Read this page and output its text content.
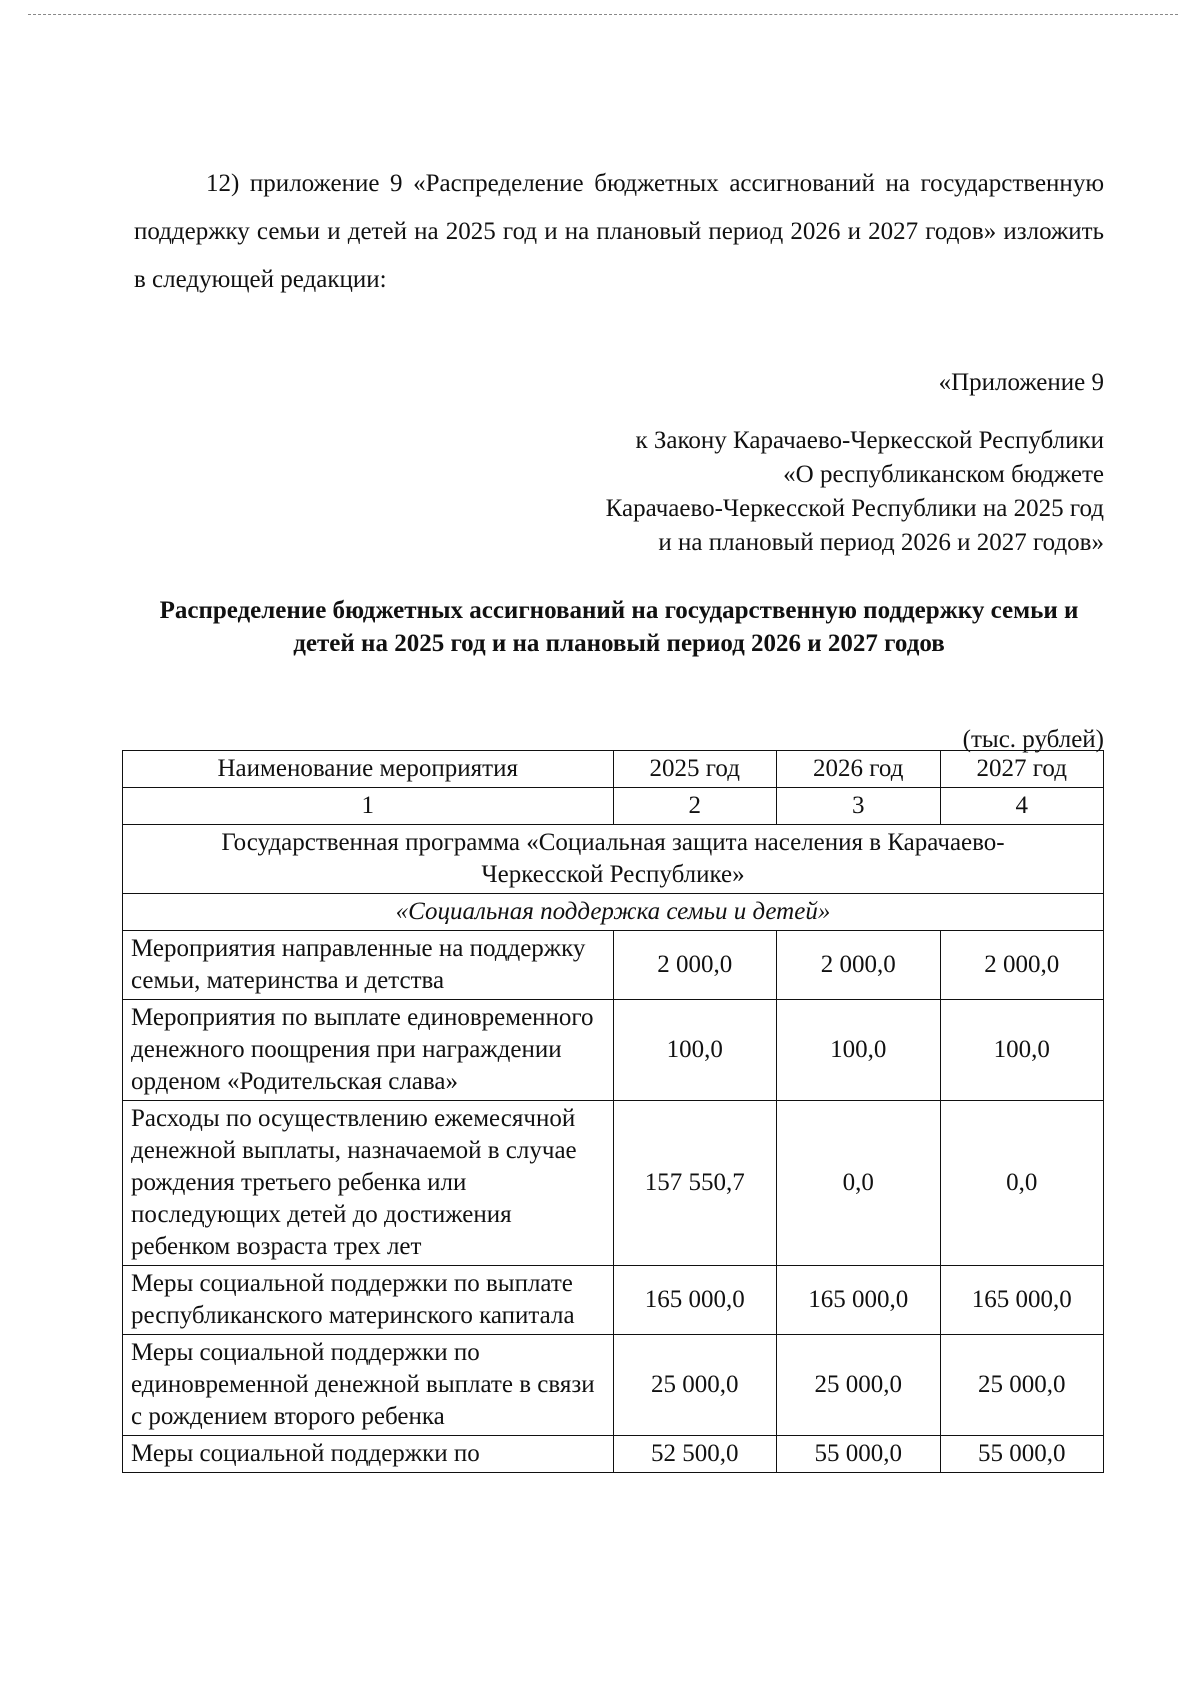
12) приложение 9 «Распределение бюджетных ассигнований на государственную поддержку семьи и детей на 2025 год и на плановый период 2026 и 2027 годов» изложить в следующей редакции:

«Приложение 9
к Закону Карачаево-Черкесской Республики
«О республиканском бюджете
Карачаево-Черкесской Республики на 2025 год
и на плановый период 2026 и 2027 годов»
Распределение бюджетных ассигнований на государственную поддержку семьи и детей на 2025 год и на плановый период 2026 и 2027 годов
(тыс. рублей)
Наименование мероприятия	2025 год	2026 год	2027 год
1	2	3	4
Государственная программа «Социальная защита населения в Карачаево-Черкесской Республике»			
«Социальная поддержка семьи и детей»			
Мероприятия направленные на поддержку семьи, материнства и детства	2 000,0	2 000,0	2 000,0
Мероприятия по выплате единовременного денежного поощрения при награждении орденом «Родительская слава»	100,0	100,0	100,0
Расходы по осуществлению ежемесячной денежной выплаты, назначаемой в случае рождения третьего ребенка или последующих детей до достижения ребенком возраста трех лет	157 550,7	0,0	0,0
Меры социальной поддержки по выплате республиканского материнского капитала	165 000,0	165 000,0	165 000,0
Меры социальной поддержки по единовременной денежной выплате в связи с рождением второго ребенка	25 000,0	25 000,0	25 000,0
Меры социальной поддержки по	52 500,0	55 000,0	55 000,0
